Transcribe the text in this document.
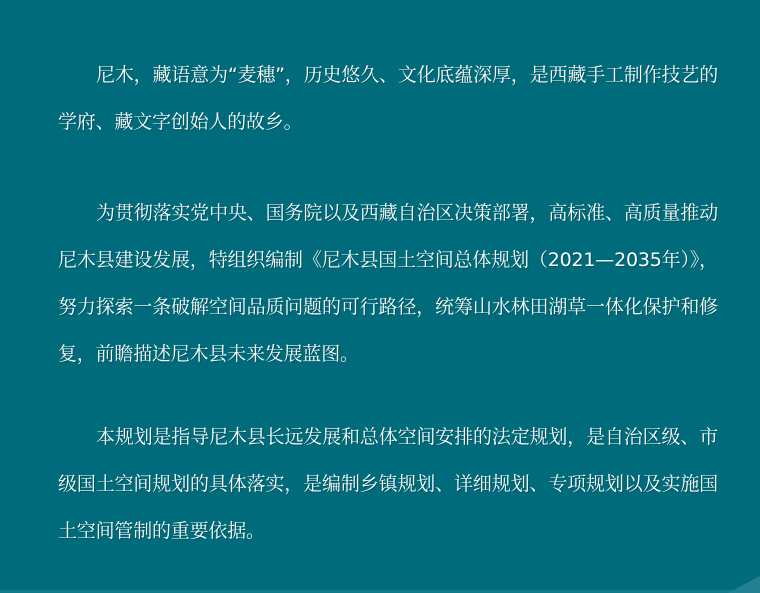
尼木，藏语意为“麦穗”，历史悠久、文化底蕴深厚，是西藏手工制作技艺的学府、藏文字创始人的故乡。

为贯彻落实党中央、国务院以及西藏自治区决策部署，高标准、高质量推动尼木县建设发展，特组织编制《尼木县国土空间总体规划（2021—2035年）》，努力探索一条破解空间品质问题的可行路径，统筹山水林田湖草一体化保护和修复，前瞻描述尼木县未来发展蓝图。

本规划是指导尼木县长远发展和总体空间安排的法定规划，是自治区级、市级国土空间规划的具体落实，是编制乡镇规划、详细规划、专项规划以及实施国土空间管制的重要依据。
